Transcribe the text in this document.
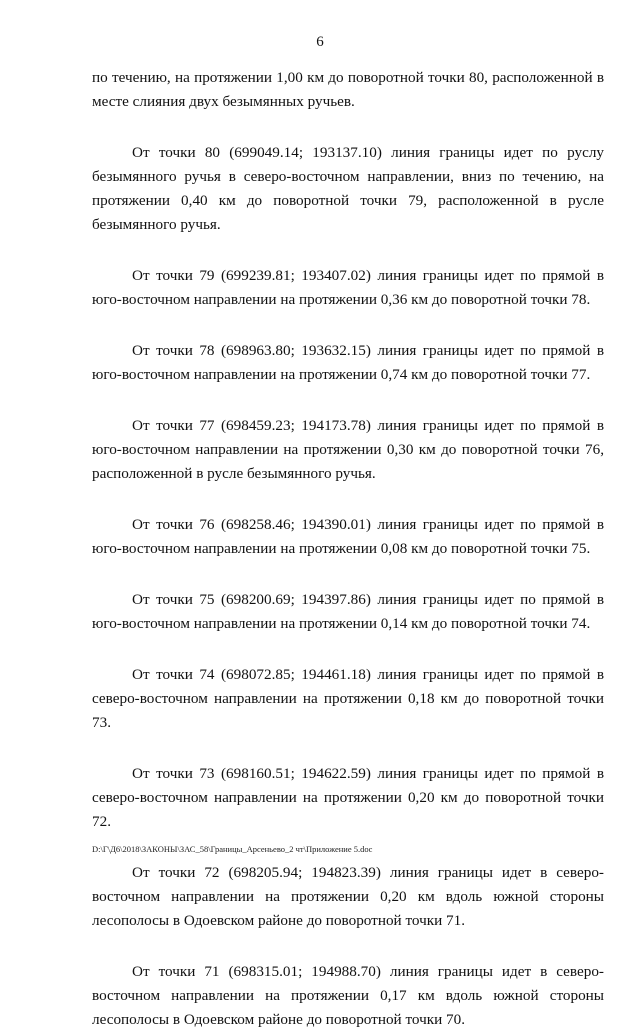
6

по течению, на протяжении 1,00 км до поворотной точки 80, расположенной в месте слияния двух безымянных ручьев.

От точки 80 (699049.14; 193137.10) линия границы идет по руслу безымянного ручья в северо-восточном направлении, вниз по течению, на протяжении 0,40 км до поворотной точки 79, расположенной в русле безымянного ручья.

От точки 79 (699239.81; 193407.02) линия границы идет по прямой в юго-восточном направлении на протяжении 0,36 км до поворотной точки 78.

От точки 78 (698963.80; 193632.15) линия границы идет по прямой в юго-восточном направлении на протяжении 0,74 км до поворотной точки 77.

От точки 77 (698459.23; 194173.78) линия границы идет по прямой в юго-восточном направлении на протяжении 0,30 км до поворотной точки 76, расположенной в русле безымянного ручья.

От точки 76 (698258.46; 194390.01) линия границы идет по прямой в юго-восточном направлении на протяжении 0,08 км до поворотной точки 75.

От точки 75 (698200.69; 194397.86) линия границы идет по прямой в юго-восточном направлении на протяжении 0,14 км до поворотной точки 74.

От точки 74 (698072.85; 194461.18) линия границы идет по прямой в северо-восточном направлении на протяжении 0,18 км до поворотной точки 73.

От точки 73 (698160.51; 194622.59) линия границы идет по прямой в северо-восточном направлении на протяжении 0,20 км до поворотной точки 72.

От точки 72 (698205.94; 194823.39) линия границы идет в северо-восточном направлении на протяжении 0,20 км вдоль южной стороны лесополосы в Одоевском районе до поворотной точки 71.

От точки 71 (698315.01; 194988.70) линия границы идет в северо-восточном направлении на протяжении 0,17 км вдоль южной стороны лесополосы в Одоевском районе до поворотной точки 70.

D:\Г\Д6\2018\ЗАКОНЫ\ЗАС_58\Границы_Арсеньево_2 чт\Приложение 5.doc
